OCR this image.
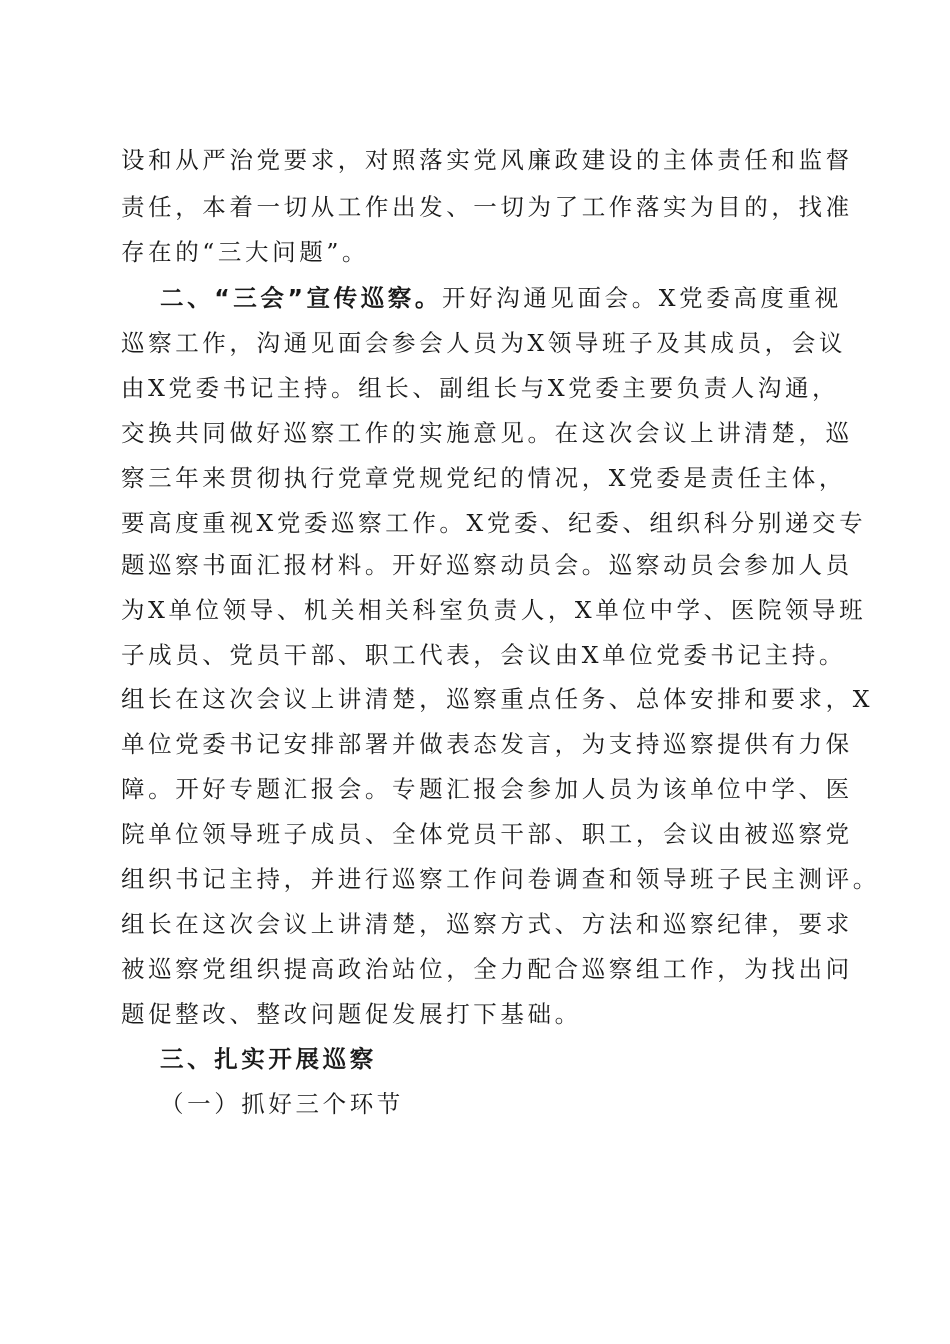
设和从严治党要求，对照落实党风廉政建设的主体责任和监督
责任，本着一切从工作出发、一切为了工作落实为目的，找准
存在的“三大问题”。
二、“三会”宣传巡察。开好沟通见面会。X党委高度重视
巡察工作，沟通见面会参会人员为X领导班子及其成员，会议
由X党委书记主持。组长、副组长与X党委主要负责人沟通，
交换共同做好巡察工作的实施意见。在这次会议上讲清楚，巡
察三年来贯彻执行党章党规党纪的情况，X党委是责任主体，
要高度重视X党委巡察工作。X党委、纪委、组织科分别递交专
题巡察书面汇报材料。开好巡察动员会。巡察动员会参加人员
为X单位领导、机关相关科室负责人，X单位中学、医院领导班
子成员、党员干部、职工代表，会议由X单位党委书记主持。
组长在这次会议上讲清楚，巡察重点任务、总体安排和要求，X
单位党委书记安排部署并做表态发言，为支持巡察提供有力保
障。开好专题汇报会。专题汇报会参加人员为该单位中学、医
院单位领导班子成员、全体党员干部、职工，会议由被巡察党
组织书记主持，并进行巡察工作问卷调查和领导班子民主测评。
组长在这次会议上讲清楚，巡察方式、方法和巡察纪律，要求
被巡察党组织提高政治站位，全力配合巡察组工作，为找出问
题促整改、整改问题促发展打下基础。
三、扎实开展巡察
（一）抓好三个环节
